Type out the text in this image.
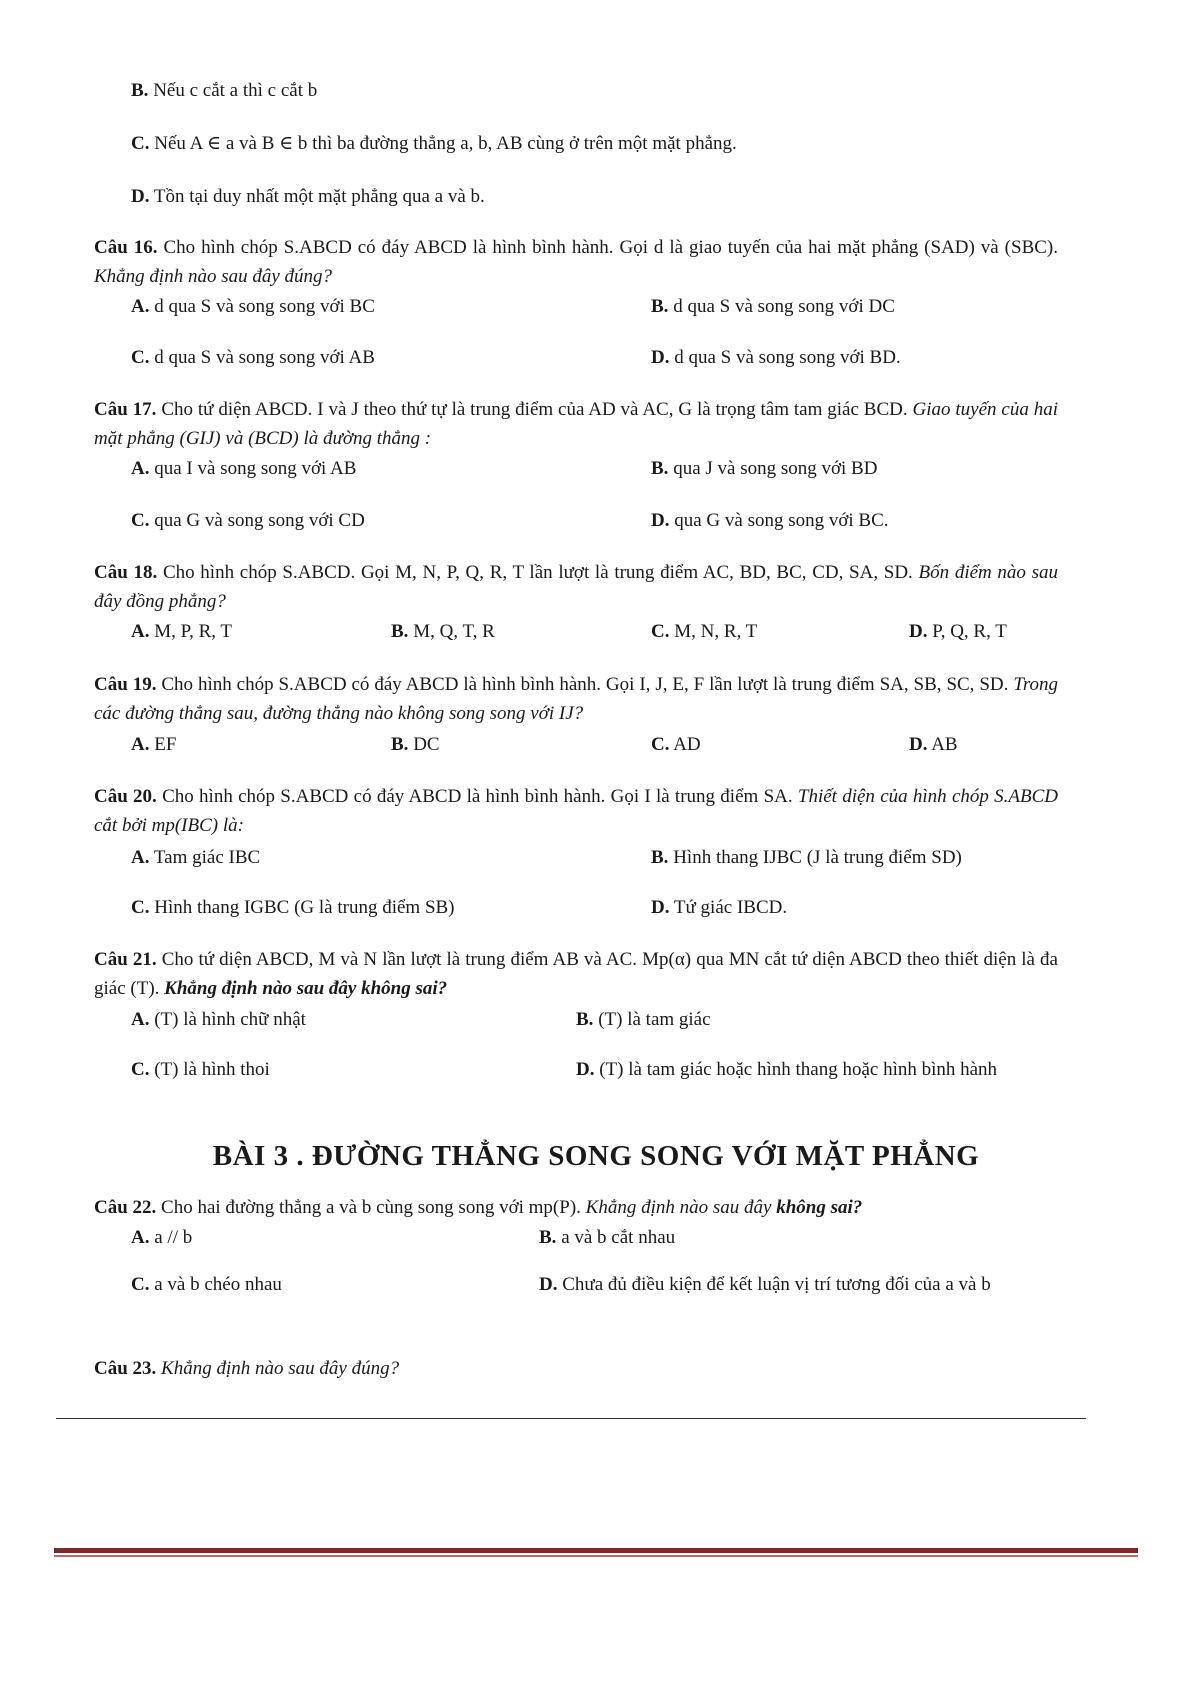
B. Nếu c cắt a thì c cắt b
C. Nếu A ∈ a và B ∈ b thì ba đường thẳng a, b, AB cùng ở trên một mặt phẳng.
D. Tồn tại duy nhất một mặt phẳng qua a và b.
Câu 16. Cho hình chóp S.ABCD có đáy ABCD là hình bình hành. Gọi d là giao tuyến của hai mặt phẳng (SAD) và (SBC). Khẳng định nào sau đây đúng?
A. d qua S và song song với BC	B. d qua S và song song với DC
C. d qua S và song song với AB	D. d qua S và song song với BD.
Câu 17. Cho tứ diện ABCD. I và J theo thứ tự là trung điểm của AD và AC, G là trọng tâm tam giác BCD. Giao tuyến của hai mặt phẳng (GIJ) và (BCD) là đường thẳng :
A. qua I và song song với AB	B. qua J và song song với BD
C. qua G và song song với CD	D. qua G và song song với BC.
Câu 18. Cho hình chóp S.ABCD. Gọi M, N, P, Q, R, T lần lượt là trung điểm AC, BD, BC, CD, SA, SD. Bốn điểm nào sau đây đồng phẳng?
A. M, P, R, T	B. M, Q, T, R	C. M, N, R, T	D. P, Q, R, T
Câu 19. Cho hình chóp S.ABCD có đáy ABCD là hình bình hành. Gọi I, J, E, F lần lượt là trung điểm SA, SB, SC, SD. Trong các đường thẳng sau, đường thẳng nào không song song với IJ?
A. EF	B. DC	C. AD	D. AB
Câu 20. Cho hình chóp S.ABCD có đáy ABCD là hình bình hành. Gọi I là trung điểm SA. Thiết diện của hình chóp S.ABCD cắt bởi mp(IBC) là:
A. Tam giác IBC	B. Hình thang IJBC (J là trung điểm SD)
C. Hình thang IGBC (G là trung điểm SB)	D. Tứ giác IBCD.
Câu 21. Cho tứ diện ABCD, M và N lần lượt là trung điểm AB và AC. Mp(α) qua MN cắt tứ diện ABCD theo thiết diện là đa giác (T). Khẳng định nào sau đây không sai?
A. (T) là hình chữ nhật	B. (T) là tam giác
C. (T) là hình thoi	D. (T) là tam giác hoặc hình thang hoặc hình bình hành
BÀI 3 . ĐƯỜNG THẲNG SONG SONG VỚI MẶT PHẲNG
Câu 22. Cho hai đường thẳng a và b cùng song song với mp(P). Khẳng định nào sau đây không sai?
A. a // b	B. a và b cắt nhau
C. a và b chéo nhau	D. Chưa đủ điều kiện để kết luận vị trí tương đối của a và b
Câu 23. Khẳng định nào sau đây đúng?
